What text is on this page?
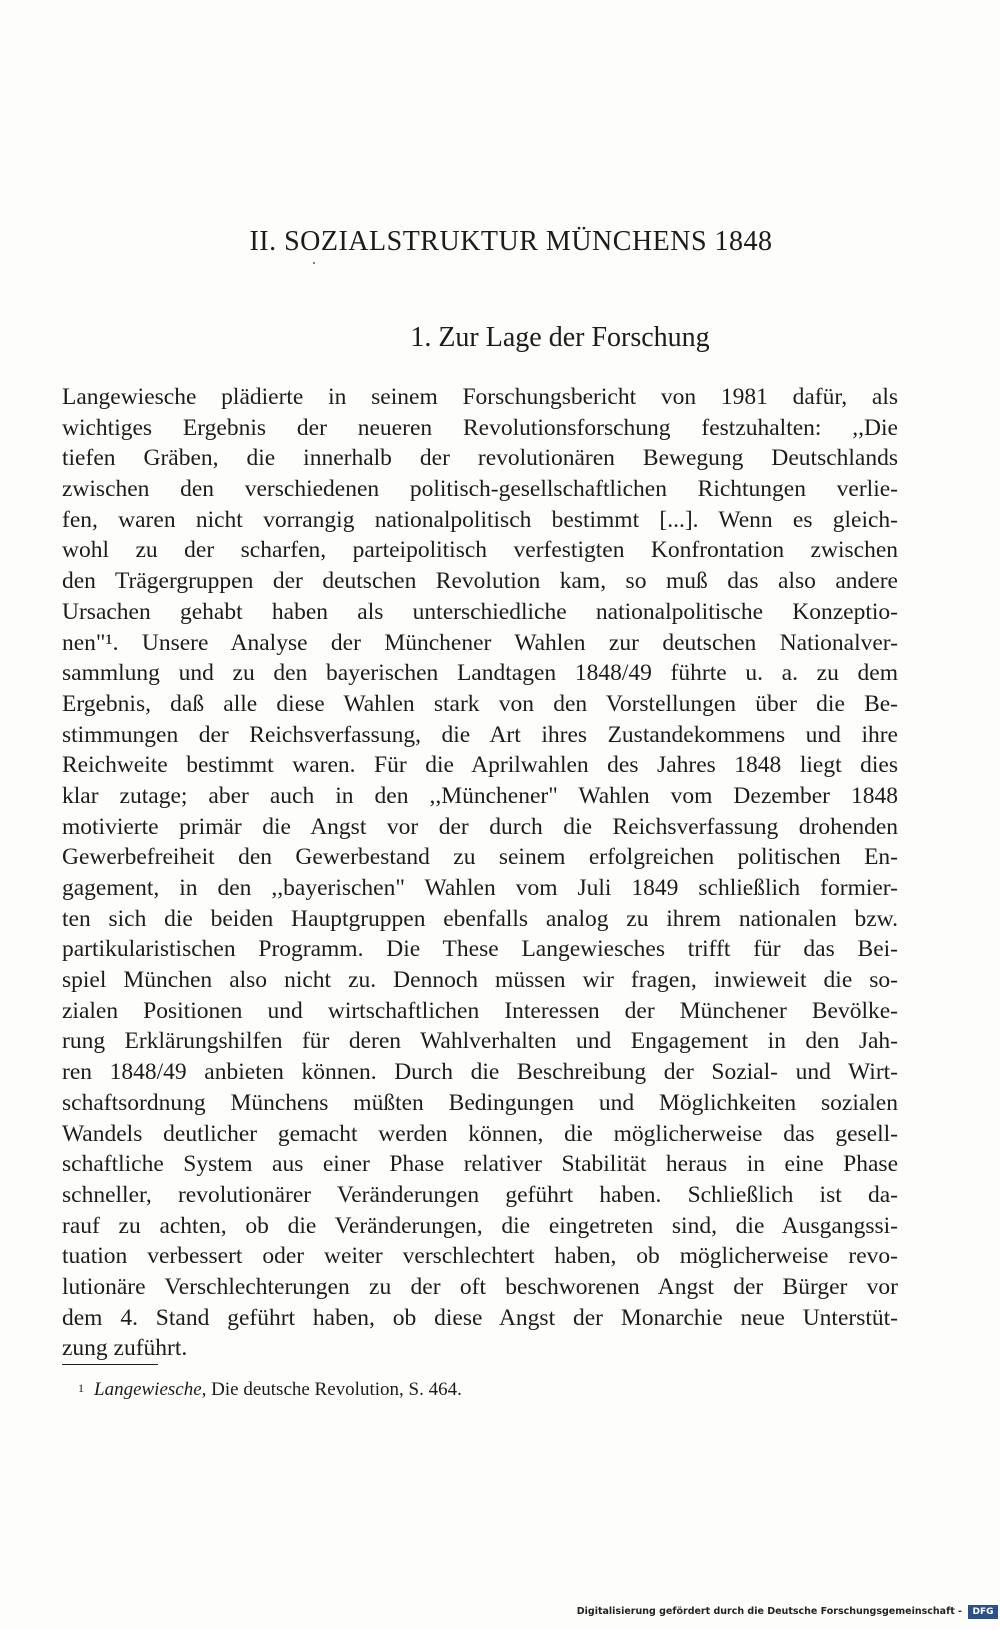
II. SOZIALSTRUKTUR MÜNCHENS 1848
1. Zur Lage der Forschung
Langewiesche plädierte in seinem Forschungsbericht von 1981 dafür, als
wichtiges Ergebnis der neueren Revolutionsforschung festzuhalten: ,,Die
tiefen Gräben, die innerhalb der revolutionären Bewegung Deutschlands
zwischen den verschiedenen politisch-gesellschaftlichen Richtungen verlie-
fen, waren nicht vorrangig nationalpolitisch bestimmt [...]. Wenn es gleich-
wohl zu der scharfen, parteipolitisch verfestigten Konfrontation zwischen
den Trägergruppen der deutschen Revolution kam, so muß das also andere
Ursachen gehabt haben als unterschiedliche nationalpolitische Konzeptio-
nen"¹. Unsere Analyse der Münchener Wahlen zur deutschen Nationalver-
sammlung und zu den bayerischen Landtagen 1848/49 führte u. a. zu dem
Ergebnis, daß alle diese Wahlen stark von den Vorstellungen über die Be-
stimmungen der Reichsverfassung, die Art ihres Zustandekommens und ihre
Reichweite bestimmt waren. Für die Aprilwahlen des Jahres 1848 liegt dies
klar zutage; aber auch in den ,,Münchener" Wahlen vom Dezember 1848
motivierte primär die Angst vor der durch die Reichsverfassung drohenden
Gewerbefreiheit den Gewerbestand zu seinem erfolgreichen politischen En-
gagement, in den ,,bayerischen" Wahlen vom Juli 1849 schließlich formier-
ten sich die beiden Hauptgruppen ebenfalls analog zu ihrem nationalen bzw.
partikularistischen Programm. Die These Langewiesches trifft für das Bei-
spiel München also nicht zu. Dennoch müssen wir fragen, inwieweit die so-
zialen Positionen und wirtschaftlichen Interessen der Münchener Bevölke-
rung Erklärungshilfen für deren Wahlverhalten und Engagement in den Jah-
ren 1848/49 anbieten können. Durch die Beschreibung der Sozial- und Wirt-
schaftsordnung Münchens müßten Bedingungen und Möglichkeiten sozialen
Wandels deutlicher gemacht werden können, die möglicherweise das gesell-
schaftliche System aus einer Phase relativer Stabilität heraus in eine Phase
schneller, revolutionärer Veränderungen geführt haben. Schließlich ist da-
rauf zu achten, ob die Veränderungen, die eingetreten sind, die Ausgangssi-
tuation verbessert oder weiter verschlechtert haben, ob möglicherweise revo-
lutionäre Verschlechterungen zu der oft beschworenen Angst der Bürger vor
dem 4. Stand geführt haben, ob diese Angst der Monarchie neue Unterstüt-
zung zuführt.
$^1$ Langewiesche, Die deutsche Revolution, S. 464.
Digitalisierung gefördert durch die Deutsche Forschungsgemeinschaft -	DFG
